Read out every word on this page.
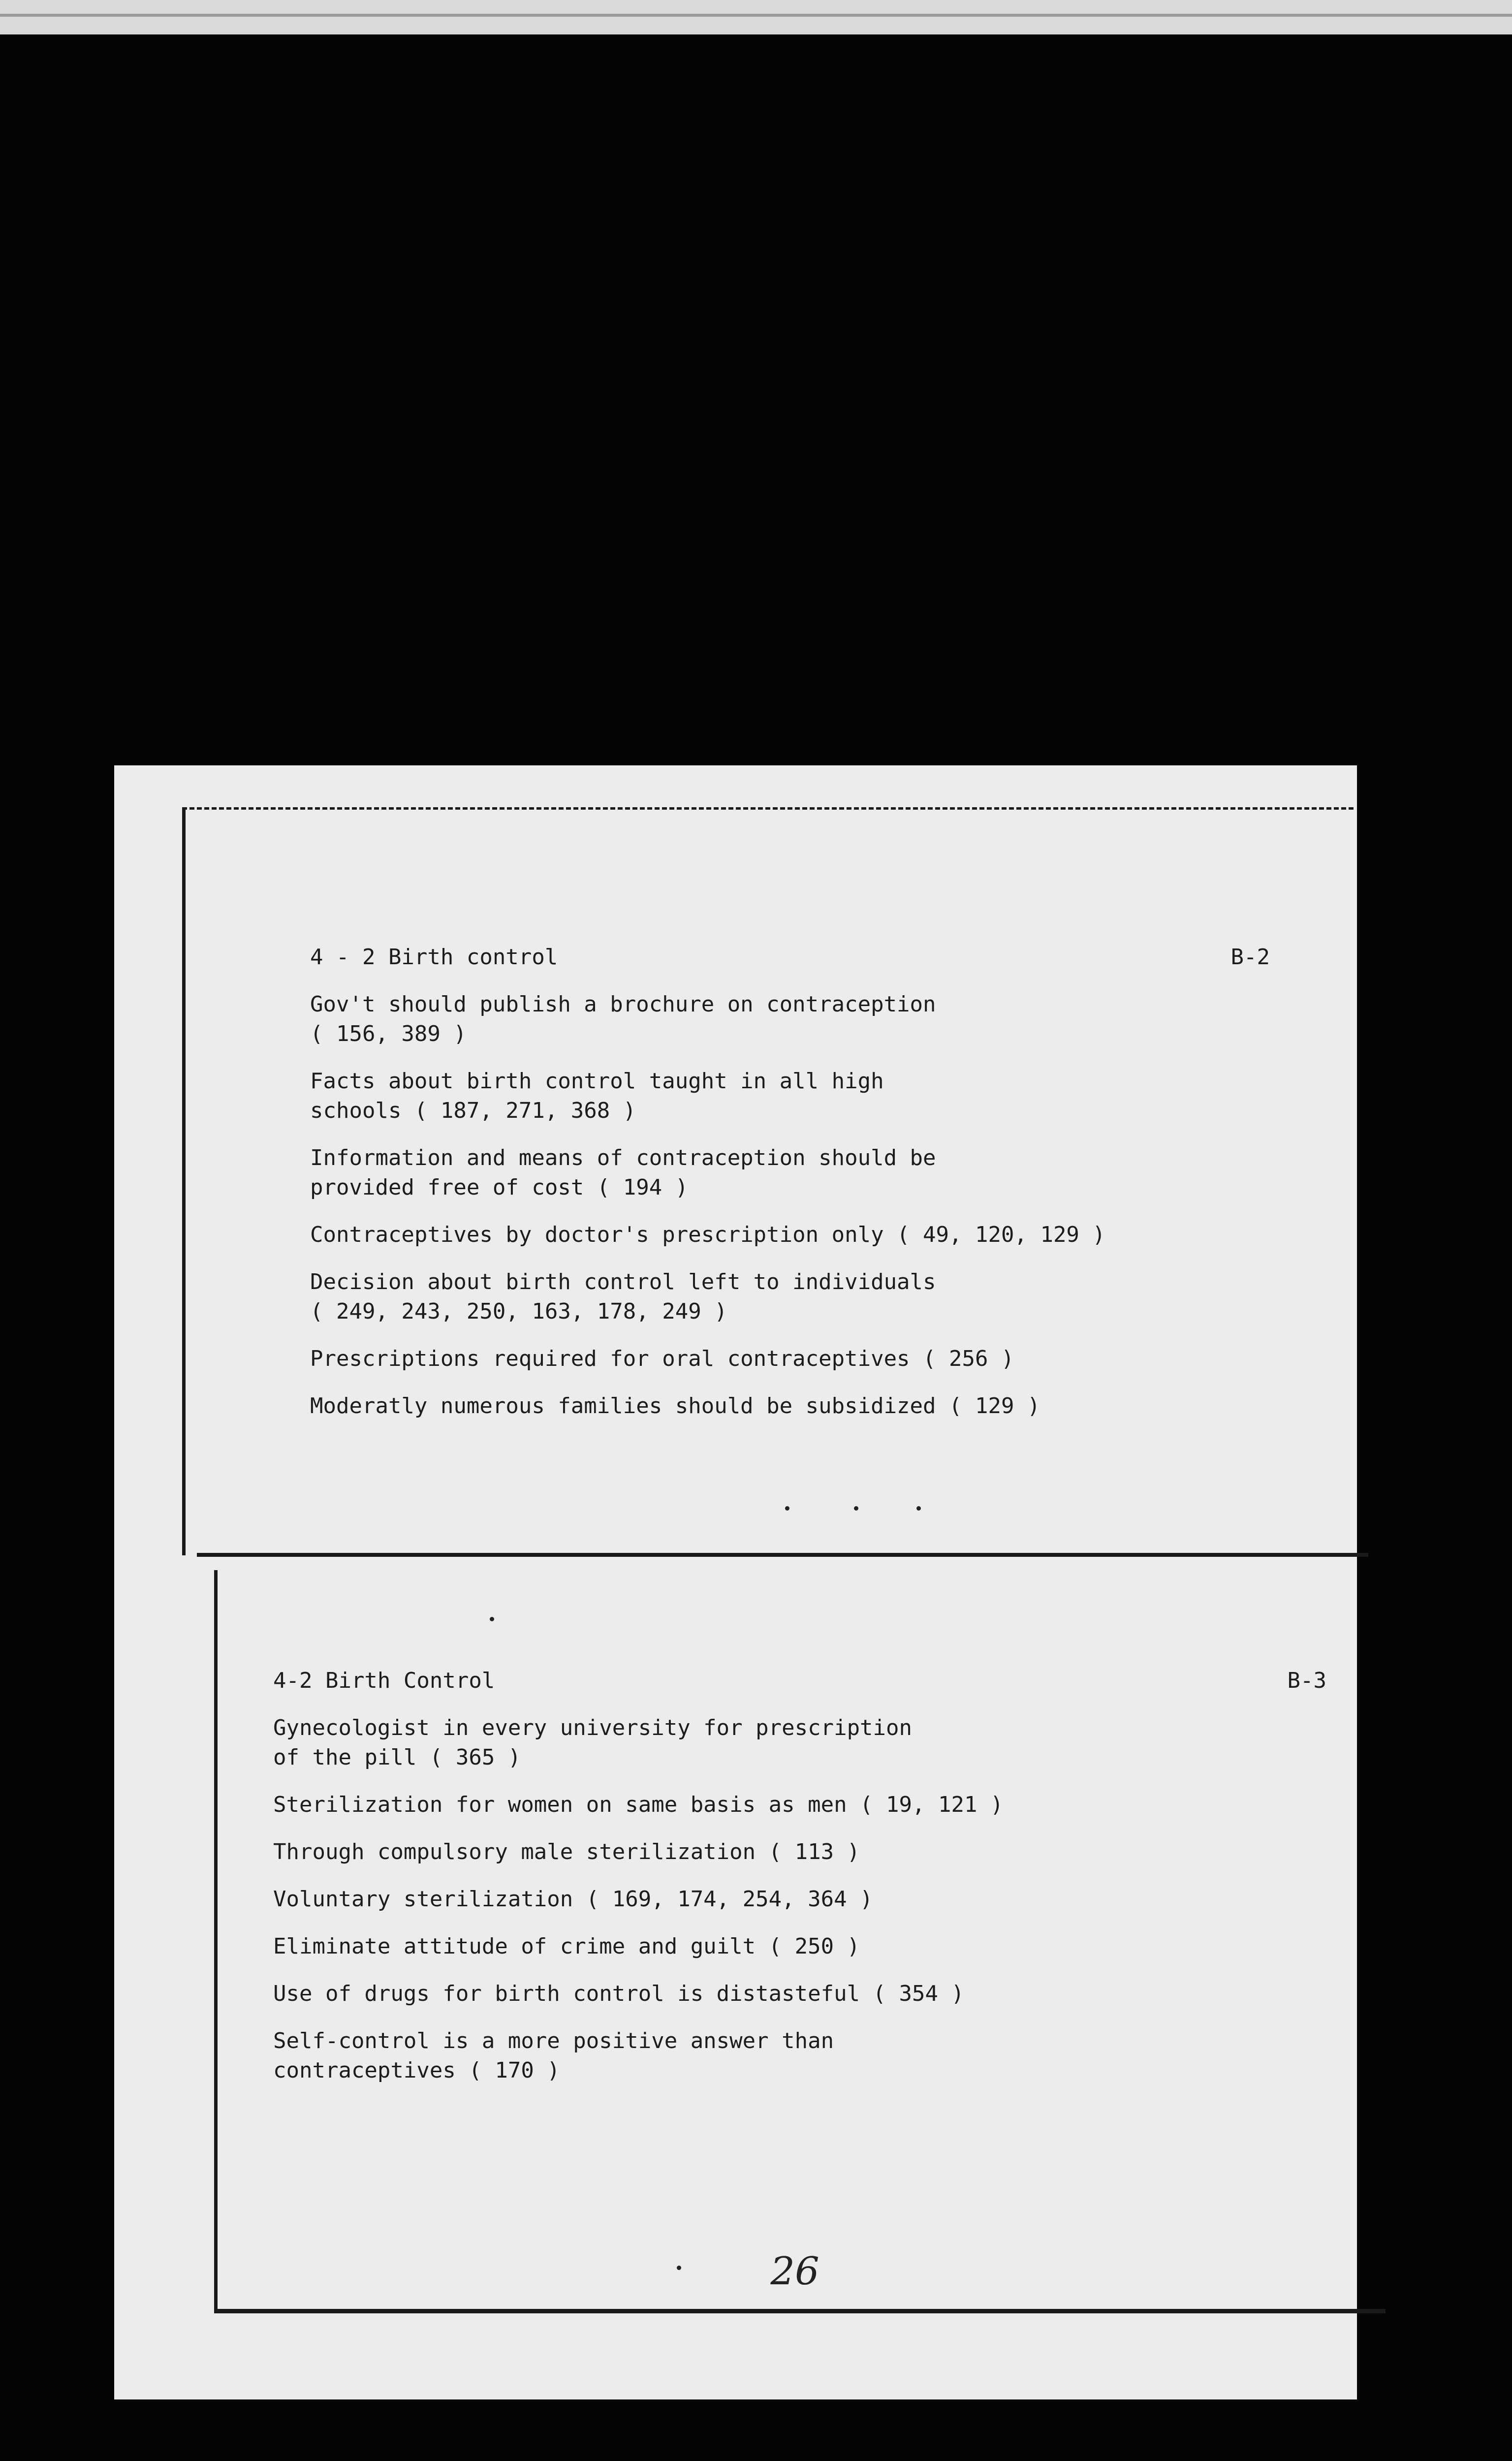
4 - 2 Birth control	B-2
Gov't should publish a brochure on contraception
( 156, 389 )
Facts about birth control taught in all high
schools ( 187, 271, 368 )
Information and means of contraception should be
provided free of cost ( 194 )
Contraceptives by doctor's prescription only ( 49, 120, 129 )
Decision about birth control left to individuals
( 249, 243, 250, 163, 178, 249 )
Prescriptions required for oral contraceptives ( 256 )
Moderatly numerous families should be subsidized ( 129 )
4-2 Birth Control	B-3
Gynecologist in every university for prescription
of the pill ( 365 )
Sterilization for women on same basis as men ( 19, 121 )
Through compulsory male sterilization ( 113 )
Voluntary sterilization ( 169, 174, 254, 364 )
Eliminate attitude of crime and guilt ( 250 )
Use of drugs for birth control is distasteful ( 354 )
Self-control is a more positive answer than
contraceptives ( 170 )
26
